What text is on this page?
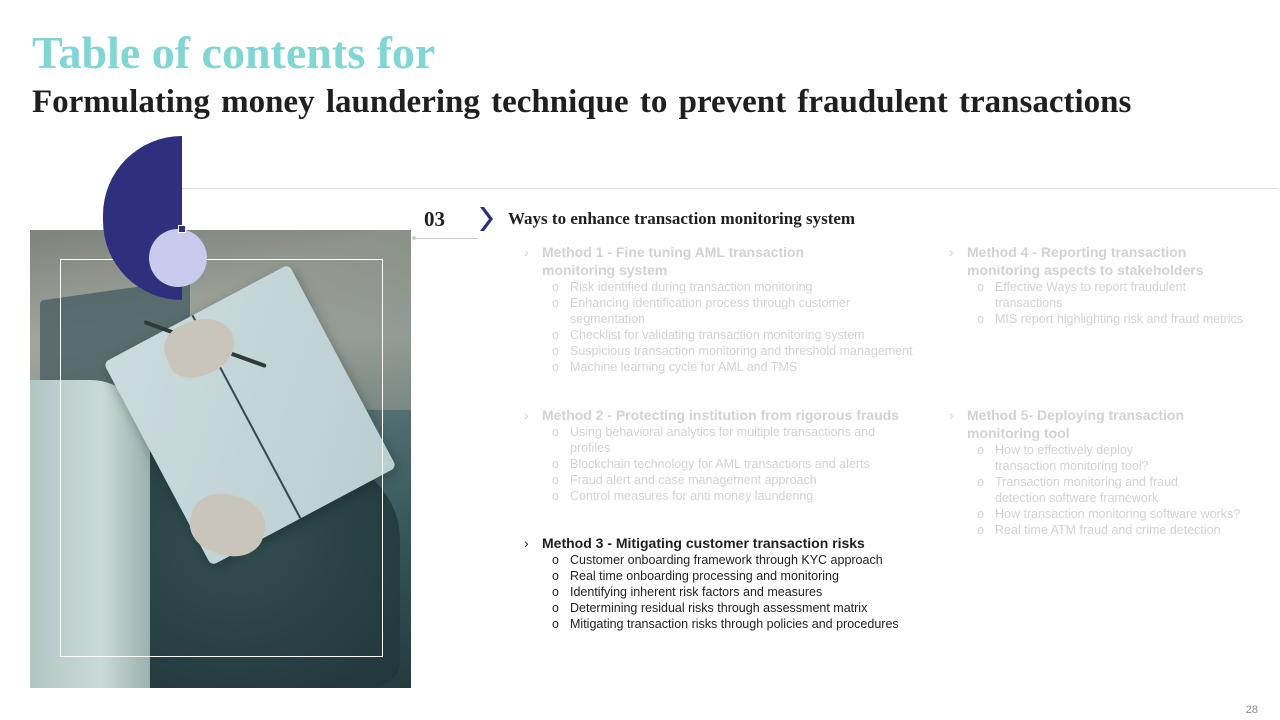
Table of contents for
Formulating money laundering technique to prevent fraudulent transactions
03	Ways to enhance transaction monitoring system
› Method 1 - Fine tuning AML transaction monitoring system
o Risk identified during transaction monitoring
o Enhancing identification process through customer segmentation
o Checklist for validating transaction monitoring system
o Suspicious transaction monitoring and threshold management
o Machine learning cycle for AML and TMS
› Method 2 - Protecting institution from rigorous frauds
o Using behavioral analytics for multiple transactions and profiles
o Blockchain technology for AML transactions and alerts
o Fraud alert and case management approach
o Control measures for anti money laundering
› Method 3 - Mitigating customer transaction risks
o Customer onboarding framework through KYC approach
o Real time onboarding processing and monitoring
o Identifying inherent risk factors and measures
o Determining residual risks through assessment matrix
o Mitigating transaction risks through policies and procedures
› Method 4 - Reporting transaction monitoring aspects to stakeholders
o Effective Ways to report fraudulent transactions
o MIS report highlighting risk and fraud metrics
› Method 5- Deploying transaction monitoring tool
o How to effectively deploy transaction monitoring tool?
o Transaction monitoring and fraud detection software framework
o How transaction monitoring software works?
o Real time ATM fraud and crime detection
28
